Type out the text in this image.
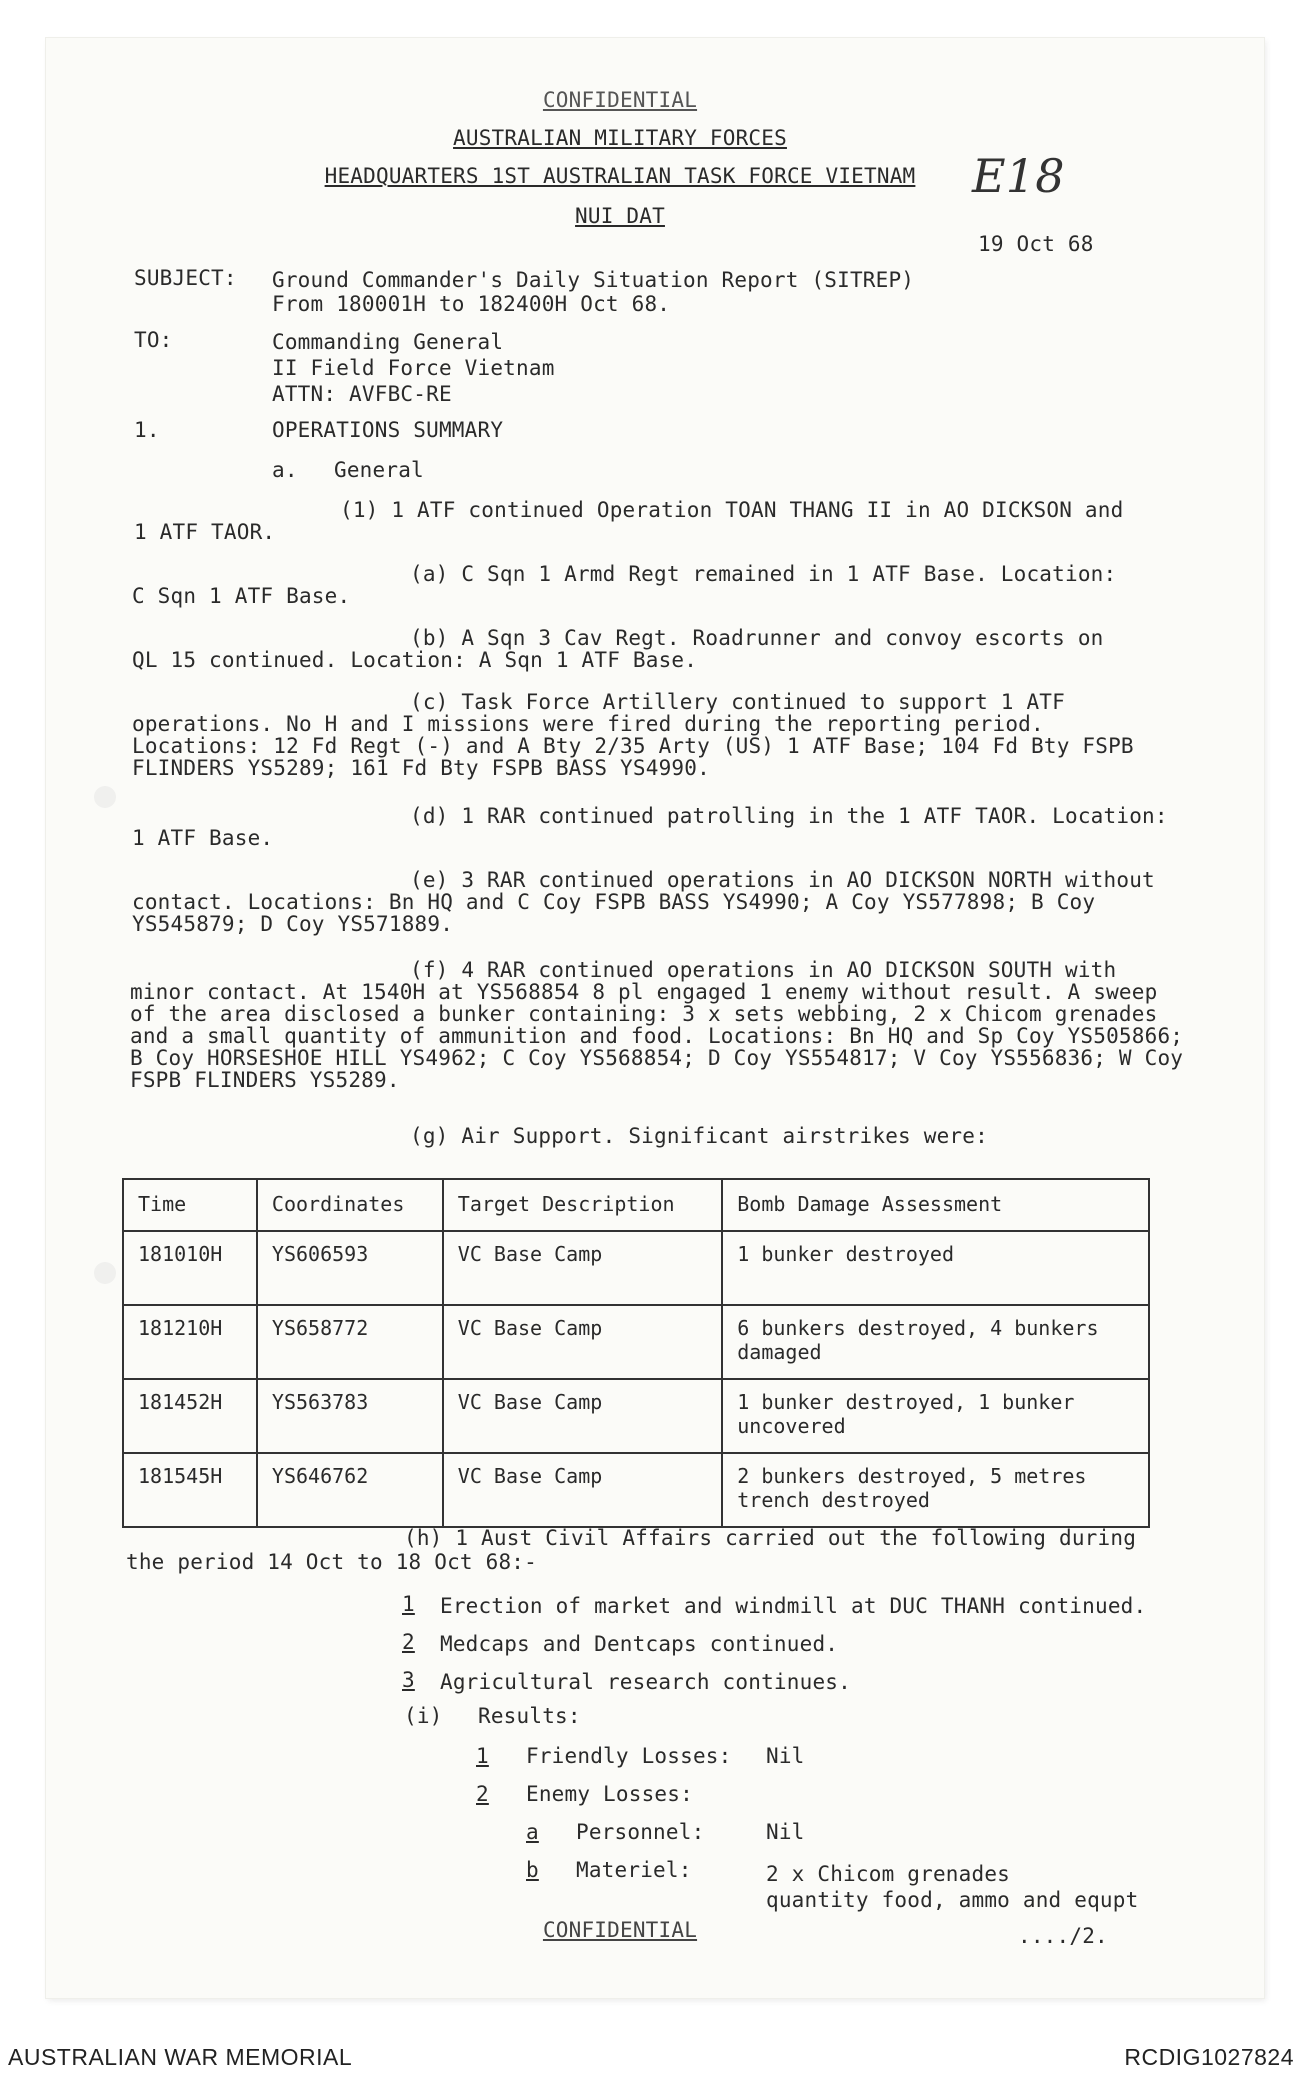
CONFIDENTIAL
AUSTRALIAN MILITARY FORCES
HEADQUARTERS 1ST AUSTRALIAN TASK FORCE VIETNAM
NUI DAT
E18
19 Oct 68
SUBJECT: Ground Commander's Daily Situation Report (SITREP)
From 180001H to 182400H Oct 68.
TO:	Commanding General
II Field Force Vietnam
ATTN: AVFBC-RE
1.	OPERATIONS SUMMARY
a. General
(1) 1 ATF continued Operation TOAN THANG II in AO DICKSON and
1 ATF TAOR.
(a) C Sqn 1 Armd Regt remained in 1 ATF Base. Location:
C Sqn 1 ATF Base.
(b) A Sqn 3 Cav Regt. Roadrunner and convoy escorts on
QL 15 continued. Location: A Sqn 1 ATF Base.
(c) Task Force Artillery continued to support 1 ATF
operations. No H and I missions were fired during the reporting period.
Locations: 12 Fd Regt (-) and A Bty 2/35 Arty (US) 1 ATF Base; 104 Fd Bty FSPB
FLINDERS YS5289; 161 Fd Bty FSPB BASS YS4990.
(d) 1 RAR continued patrolling in the 1 ATF TAOR. Location:
1 ATF Base.
(e) 3 RAR continued operations in AO DICKSON NORTH without
contact. Locations: Bn HQ and C Coy FSPB BASS YS4990; A Coy YS577898; B Coy
YS545879; D Coy YS571889.
(f) 4 RAR continued operations in AO DICKSON SOUTH with
minor contact. At 1540H at YS568854 8 pl engaged 1 enemy without result. A sweep
of the area disclosed a bunker containing: 3 x sets webbing, 2 x Chicom grenades
and a small quantity of ammunition and food. Locations: Bn HQ and Sp Coy YS505866;
B Coy HORSESHOE HILL YS4962; C Coy YS568854; D Coy YS554817; V Coy YS556836; W Coy
FSPB FLINDERS YS5289.
(g) Air Support. Significant airstrikes were:
Time	Coordinates	Target Description	Bomb Damage Assessment
181010H	YS606593	VC Base Camp	1 bunker destroyed

181210H	YS658772	VC Base Camp	6 bunkers destroyed, 4 bunkers
damaged

181452H	YS563783	VC Base Camp	1 bunker destroyed, 1 bunker
uncovered

181545H	YS646762	VC Base Camp	2 bunkers destroyed, 5 metres
trench destroyed
(h) 1 Aust Civil Affairs carried out the following during
the period 14 Oct to 18 Oct 68:-
1 Erection of market and windmill at DUC THANH continued.
2 Medcaps and Dentcaps continued.
3 Agricultural research continues.
(i) Results:
1 Friendly Losses: Nil
2 Enemy Losses:
a Personnel:	Nil
b Materiel:	2 x Chicom grenades
quantity food, ammo and equpt
CONFIDENTIAL	..../2.
AUSTRALIAN WAR MEMORIAL	RCDIG1027824
